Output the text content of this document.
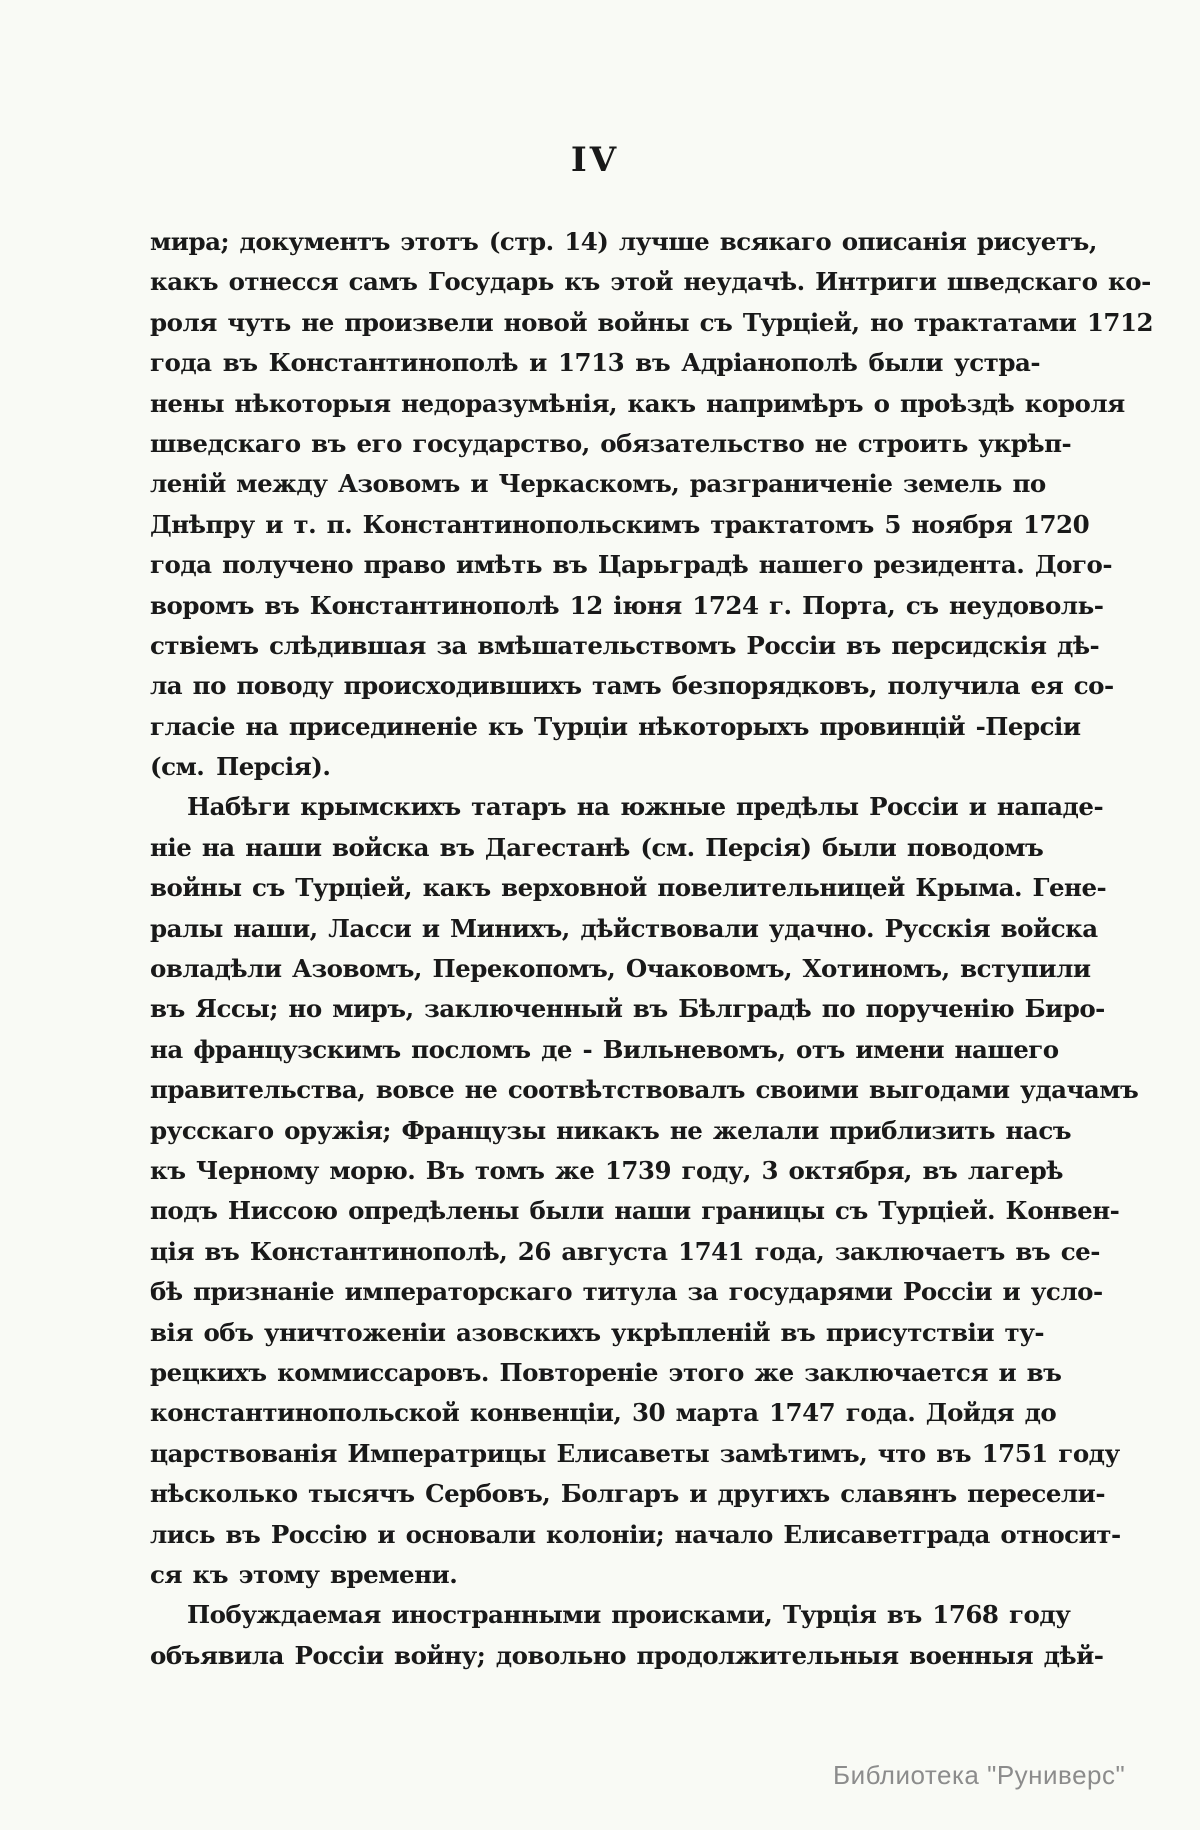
IV
мира; документъ этотъ (стр. 14) лучше всякаго описанія рисуетъ,
какъ отнесся самъ Государь къ этой неудачѣ. Интриги шведскаго ко-
роля чуть не произвели новой войны съ Турціей, но трактатами 1712
года въ Константинополѣ и 1713 въ Адріанополѣ были устра-
нены нѣкоторыя недоразумѣнія, какъ напримѣръ о проѣздѣ короля
шведскаго въ его государство, обязательство не строить укрѣп-
леній между Азовомъ и Черкаскомъ, разграниченіе земель по
Днѣпру и т. п. Константинопольскимъ трактатомъ 5 ноября 1720
года получено право имѣть въ Царьградѣ нашего резидента. Дого-
воромъ въ Константинополѣ 12 іюня 1724 г. Порта, съ неудоволь-
ствіемъ слѣдившая за вмѣшательствомъ Россіи въ персидскія дѣ-
ла по поводу происходившихъ тамъ безпорядковъ, получила ея со-
гласіе на присединеніе къ Турціи нѣкоторыхъ провинцій -Персіи
(см. Персія).
Набѣги крымскихъ татаръ на южные предѣлы Россіи и нападе-
ніе на наши войска въ Дагестанѣ (см. Персія) были поводомъ
войны съ Турціей, какъ верховной повелительницей Крыма. Гене-
ралы наши, Ласси и Минихъ, дѣйствовали удачно. Русскія войска
овладѣли Азовомъ, Перекопомъ, Очаковомъ, Хотиномъ, вступили
въ Яссы; но миръ, заключенный въ Бѣлградѣ по порученію Биро-
на французскимъ посломъ де - Вильневомъ, отъ имени нашего
правительства, вовсе не соотвѣтствовалъ своими выгодами удачамъ
русскаго оружія; Французы никакъ не желали приблизить насъ
къ Черному морю. Въ томъ же 1739 году, 3 октября, въ лагерѣ
подъ Ниссою опредѣлены были наши границы съ Турціей. Конвен-
ція въ Константинополѣ, 26 августа 1741 года, заключаетъ въ се-
бѣ признаніе императорскаго титула за государями Россіи и усло-
вія объ уничтоженіи азовскихъ укрѣпленій въ присутствіи ту-
рецкихъ коммиссаровъ. Повтореніе этого же заключается и въ
константинопольской конвенціи, 30 марта 1747 года. Дойдя до
царствованія Императрицы Елисаветы замѣтимъ, что въ 1751 году
нѣсколько тысячъ Сербовъ, Болгаръ и другихъ славянъ пересели-
лись въ Россію и основали колоніи; начало Елисаветграда относит-
ся къ этому времени.
Побуждаемая иностранными происками, Турція въ 1768 году
объявила Россіи войну; довольно продолжительныя военныя дѣй-
Библиотека "Руниверс"
